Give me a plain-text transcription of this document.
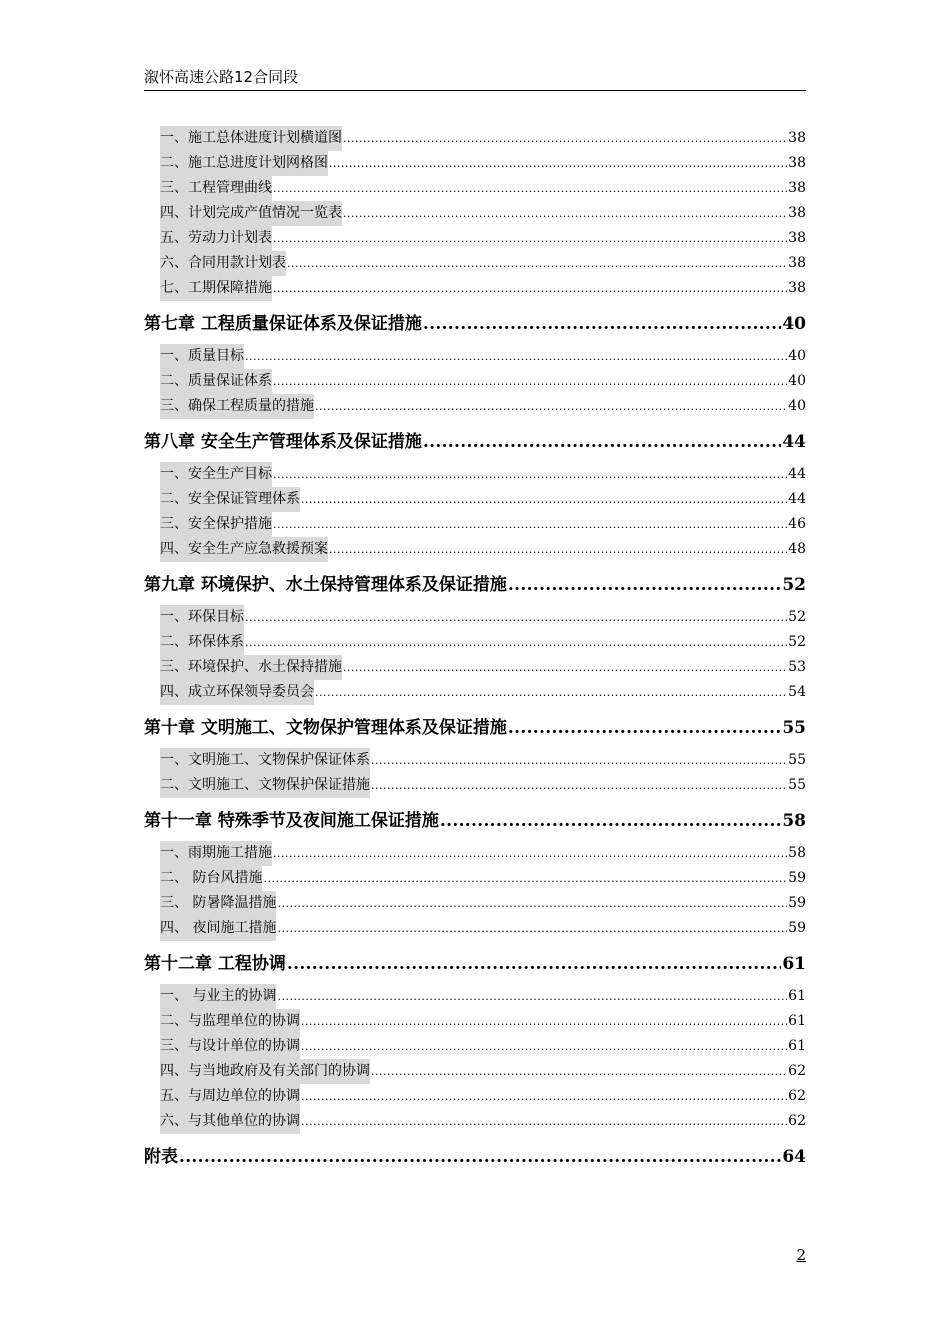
溆怀高速公路12合同段
一、施工总体进度计划横道图 .....	38
二、施工总进度计划网格图 .....	38
三、工程管理曲线 .....	38
四、计划完成产值情况一览表 .....	38
五、劳动力计划表 .....	38
六、合同用款计划表 .....	38
七、工期保障措施 .....	38
第七章 工程质量保证体系及保证措施 .....	40
一、质量目标 .....	40
二、质量保证体系 .....	40
三、确保工程质量的措施 .....	40
第八章 安全生产管理体系及保证措施 .....	44
一、安全生产目标 .....	44
二、安全保证管理体系 .....	44
三、安全保护措施 .....	46
四、安全生产应急救援预案 .....	48
第九章 环境保护、水土保持管理体系及保证措施 .....	52
一、环保目标 .....	52
二、环保体系 .....	52
三、环境保护、水土保持措施 .....	53
四、成立环保领导委员会 .....	54
第十章 文明施工、文物保护管理体系及保证措施 .....	55
一、文明施工、文物保护保证体系 .....	55
二、文明施工、文物保护保证措施 .....	55
第十一章 特殊季节及夜间施工保证措施 .....	58
一、雨期施工措施 .....	58
二、 防台风措施 .....	59
三、 防暑降温措施 .....	59
四、 夜间施工措施 .....	59
第十二章 工程协调 .....	61
一、 与业主的协调 .....	61
二、与监理单位的协调 .....	61
三、与设计单位的协调 .....	61
四、与当地政府及有关部门的协调 .....	62
五、与周边单位的协调 .....	62
六、与其他单位的协调 .....	62
附表 .....	64
2
